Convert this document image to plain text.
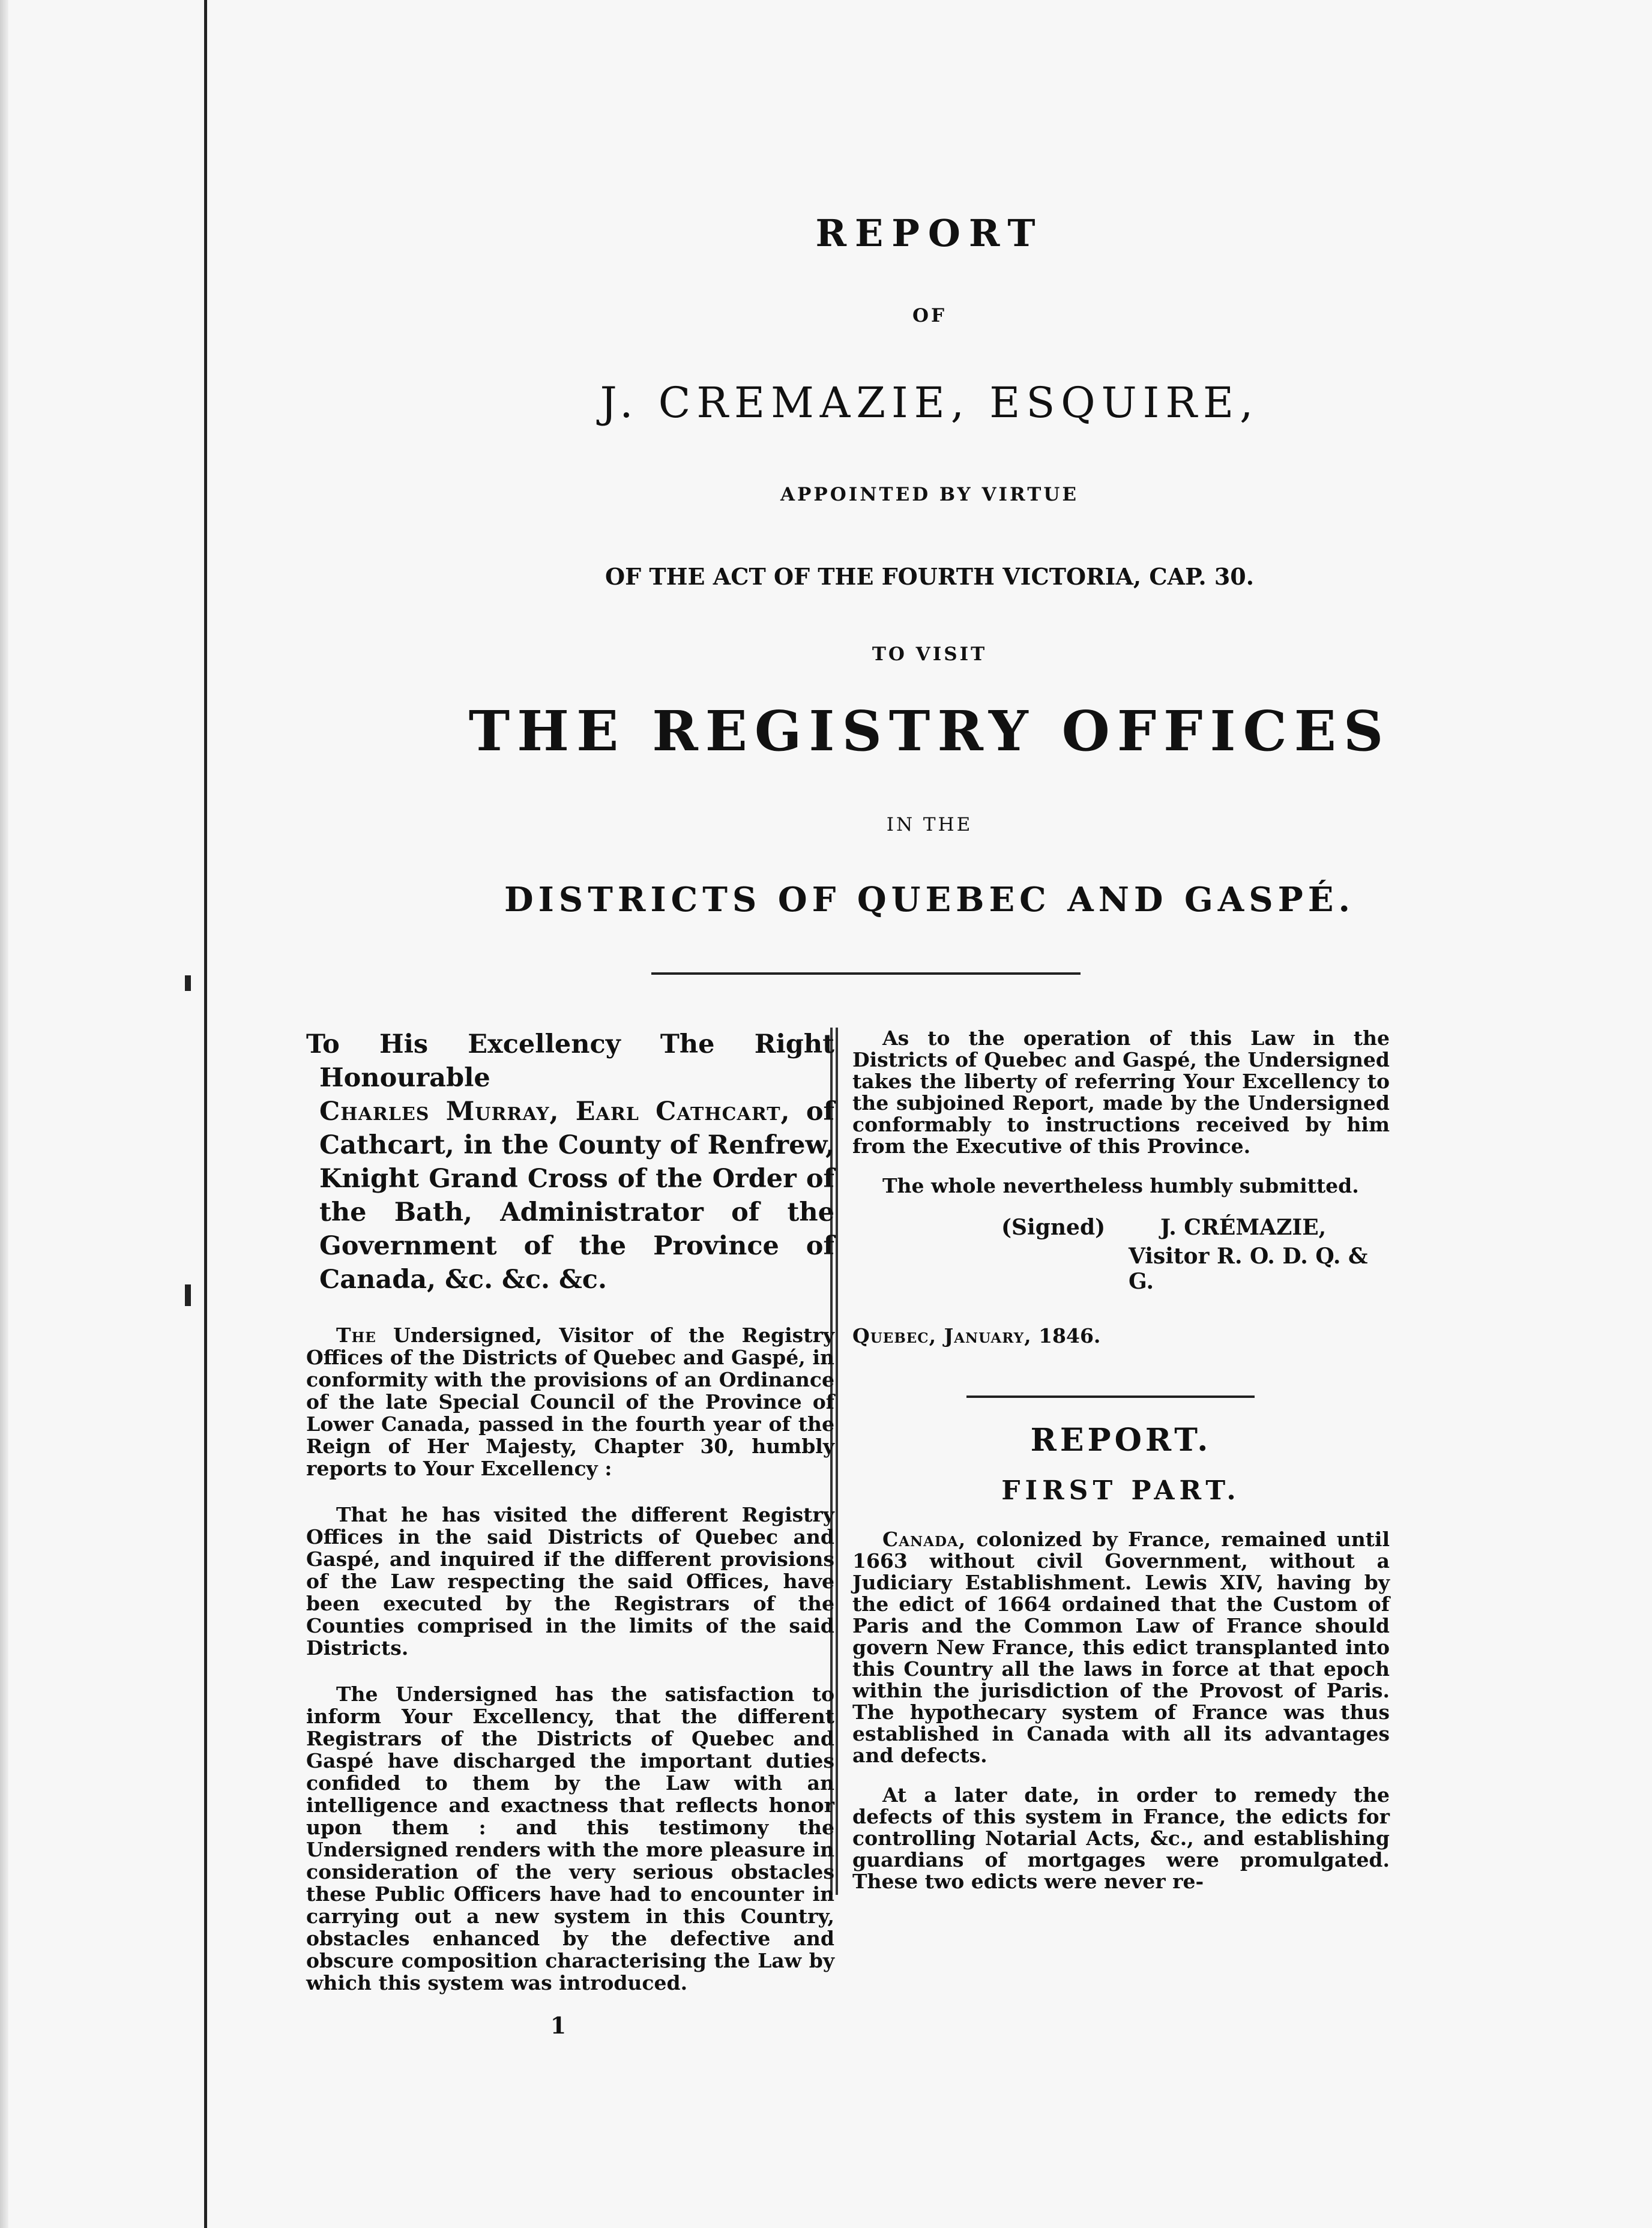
REPORT
OF
J. CREMAZIE, ESQUIRE,
APPOINTED BY VIRTUE
OF THE ACT OF THE FOURTH VICTORIA, CAP. 30.
TO VISIT
THE REGISTRY OFFICES
IN THE
DISTRICTS OF QUEBEC AND GASPÉ.

To His Excellency The Right Honourable
Charles Murray, Earl Cathcart, of Cathcart, in the County of Renfrew, Knight Grand Cross of the Order of the Bath, Administrator of the Government of the Province of Canada, &c. &c. &c.

The Undersigned, Visitor of the Registry Offices of the Districts of Quebec and Gaspé, in conformity with the provisions of an Ordinance of the late Special Council of the Province of Lower Canada, passed in the fourth year of the Reign of Her Majesty, Chapter 30, humbly reports to Your Excellency :

That he has visited the different Registry Offices in the said Districts of Quebec and Gaspé, and inquired if the different provisions of the Law respecting the said Offices, have been executed by the Registrars of the Counties comprised in the limits of the said Districts.

The Undersigned has the satisfaction to inform Your Excellency, that the different Registrars of the Districts of Quebec and Gaspé have discharged the important duties confided to them by the Law with an intelligence and exactness that reflects honor upon them : and this testimony the Undersigned renders with the more pleasure in consideration of the very serious obstacles these Public Officers have had to encounter in carrying out a new system in this Country, obstacles enhanced by the defective and obscure composition characterising the Law by which this system was introduced.

1

As to the operation of this Law in the Districts of Quebec and Gaspé, the Undersigned takes the liberty of referring Your Excellency to the subjoined Report, made by the Undersigned conformably to instructions received by him from the Executive of this Province.

The whole nevertheless humbly submitted.

(Signed)	J. CRÉMAZIE,
Visitor R. O. D. Q. & G.
Quebec, January, 1846.
REPORT.
FIRST PART.

Canada, colonized by France, remained until 1663 without civil Government, without a Judiciary Establishment. Lewis XIV, having by the edict of 1664 ordained that the Custom of Paris and the Common Law of France should govern New France, this edict transplanted into this Country all the laws in force at that epoch within the jurisdiction of the Provost of Paris. The hypothecary system of France was thus established in Canada with all its advantages and defects.

At a later date, in order to remedy the defects of this system in France, the edicts for controlling Notarial Acts, &c., and establishing guardians of mortgages were promulgated. These two edicts were never re-
